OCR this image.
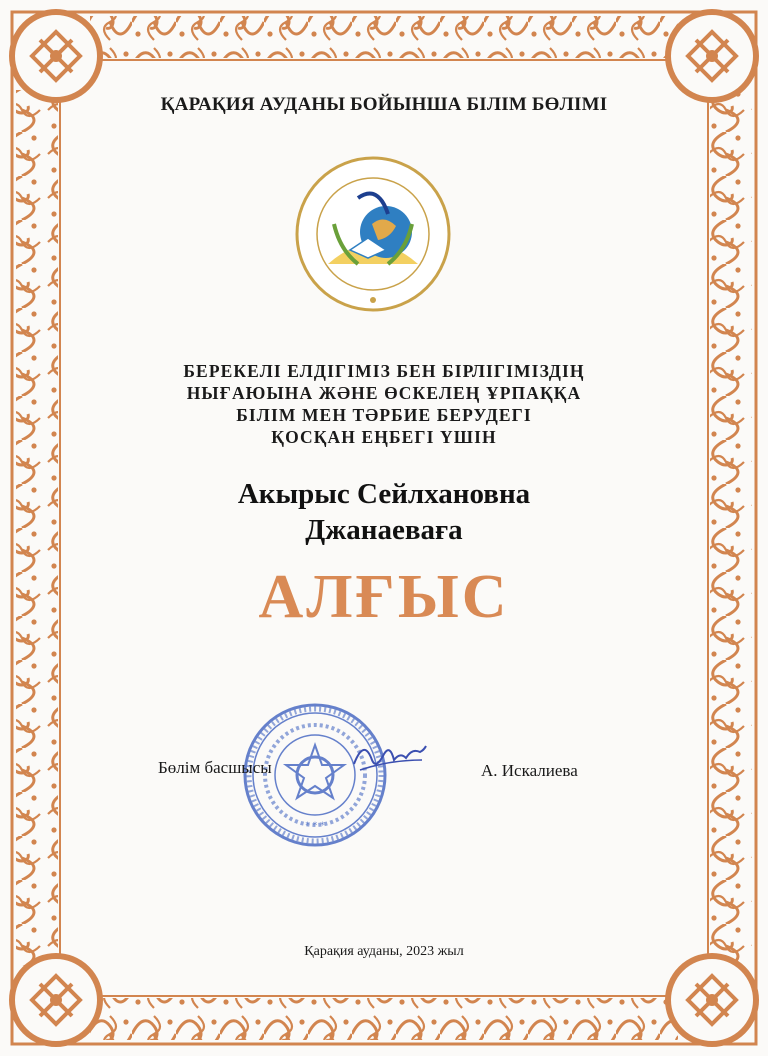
ҚАРАҚИЯ АУДАНЫ БОЙЫНША БІЛІМ БӨЛІМІ
БЕРЕКЕЛІ ЕЛДІГІМІЗ БЕН БІРЛІГІМІЗДІҢ
НЫҒАЮЫНА ЖӘНЕ ӨСКЕЛЕҢ ҰРПАҚҚА
БІЛІМ МЕН ТӘРБИЕ БЕРУДЕГІ
ҚОСҚАН ЕҢБЕГІ ҮШІН
Акырыс Сейлхановна
Джанаеваға
АЛҒЫС
* * *
Бөлім басшысы	А. Искалиева
Қарақия ауданы, 2023 жыл
